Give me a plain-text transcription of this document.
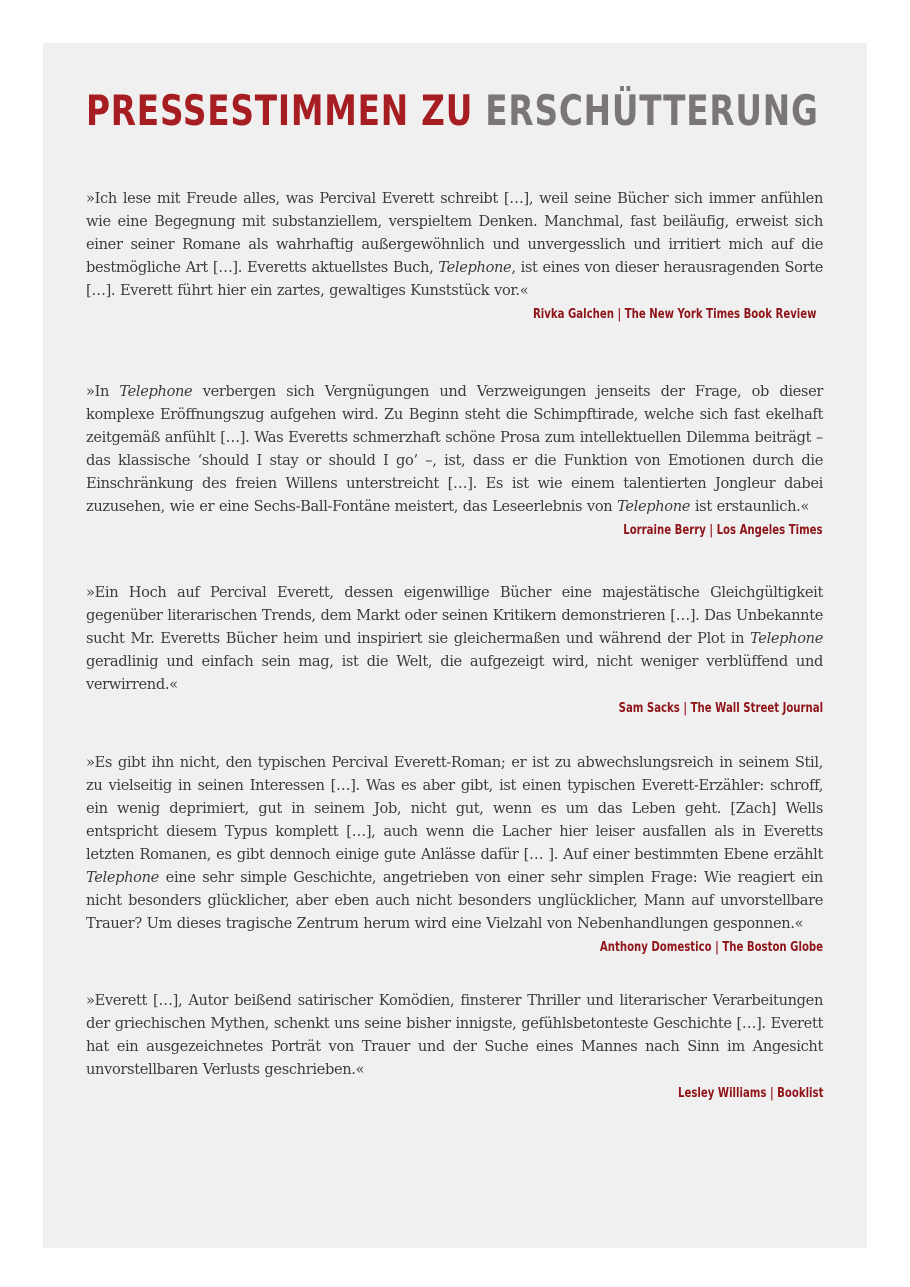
PRESSESTIMMEN ZU ERSCHÜTTERUNG

»Ich lese mit Freude alles, was Percival Everett schreibt […], weil seine Bücher sich immer anfühlen wie eine Begegnung mit substanziellem, verspieltem Denken. Manchmal, fast beiläufig, erweist sich einer seiner Romane als wahrhaftig außergewöhnlich und unvergesslich und irritiert mich auf die bestmögliche Art […]. Everetts aktuellstes Buch, Telephone, ist eines von dieser herausragenden Sorte […]. Everett führt hier ein zartes, gewaltiges Kunststück vor.«

Rivka Galchen | The New York Times Book Review

»In Telephone verbergen sich Vergnügungen und Verzweigungen jenseits der Frage, ob dieser komplexe Eröffnungszug aufgehen wird. Zu Beginn steht die Schimpftirade, welche sich fast ekelhaft zeitgemäß anfühlt […]. Was Everetts schmerzhaft schöne Prosa zum intellektuellen Dilemma beiträgt – das klassische ‘should I stay or should I go’ –, ist, dass er die Funktion von Emotionen durch die Einschränkung des freien Willens unterstreicht […]. Es ist wie einem talentierten Jongleur dabei zuzusehen, wie er eine Sechs-Ball-Fontäne meistert, das Leseerlebnis von Telephone ist erstaunlich.«

Lorraine Berry | Los Angeles Times

»Ein Hoch auf Percival Everett, dessen eigenwillige Bücher eine majestätische Gleichgültigkeit gegenüber literarischen Trends, dem Markt oder seinen Kritikern demonstrieren […]. Das Unbekannte sucht Mr. Everetts Bücher heim und inspiriert sie gleichermaßen und während der Plot in Telephone geradlinig und einfach sein mag, ist die Welt, die aufgezeigt wird, nicht weniger verblüffend und verwirrend.«

Sam Sacks | The Wall Street Journal

»Es gibt ihn nicht, den typischen Percival Everett-Roman; er ist zu abwechslungsreich in seinem Stil, zu vielseitig in seinen Interessen […]. Was es aber gibt, ist einen typischen Everett-Erzähler: schroff, ein wenig deprimiert, gut in seinem Job, nicht gut, wenn es um das Leben geht. [Zach] Wells entspricht diesem Typus komplett […], auch wenn die Lacher hier leiser ausfallen als in Everetts letzten Romanen, es gibt dennoch einige gute Anlässe dafür [… ]. Auf einer bestimmten Ebene erzählt Telephone eine sehr simple Geschichte, angetrieben von einer sehr simplen Frage: Wie reagiert ein nicht besonders glücklicher, aber eben auch nicht besonders unglücklicher, Mann auf unvorstellbare Trauer? Um dieses tragische Zentrum herum wird eine Vielzahl von Nebenhandlungen gesponnen.«

Anthony Domestico | The Boston Globe

»Everett […], Autor beißend satirischer Komödien, finsterer Thriller und literarischer Verarbeitungen der griechischen Mythen, schenkt uns seine bisher innigste, gefühlsbetonteste Geschichte […]. Everett hat ein ausgezeichnetes Porträt von Trauer und der Suche eines Mannes nach Sinn im Angesicht unvorstellbaren Verlusts geschrieben.«

Lesley Williams | Booklist
